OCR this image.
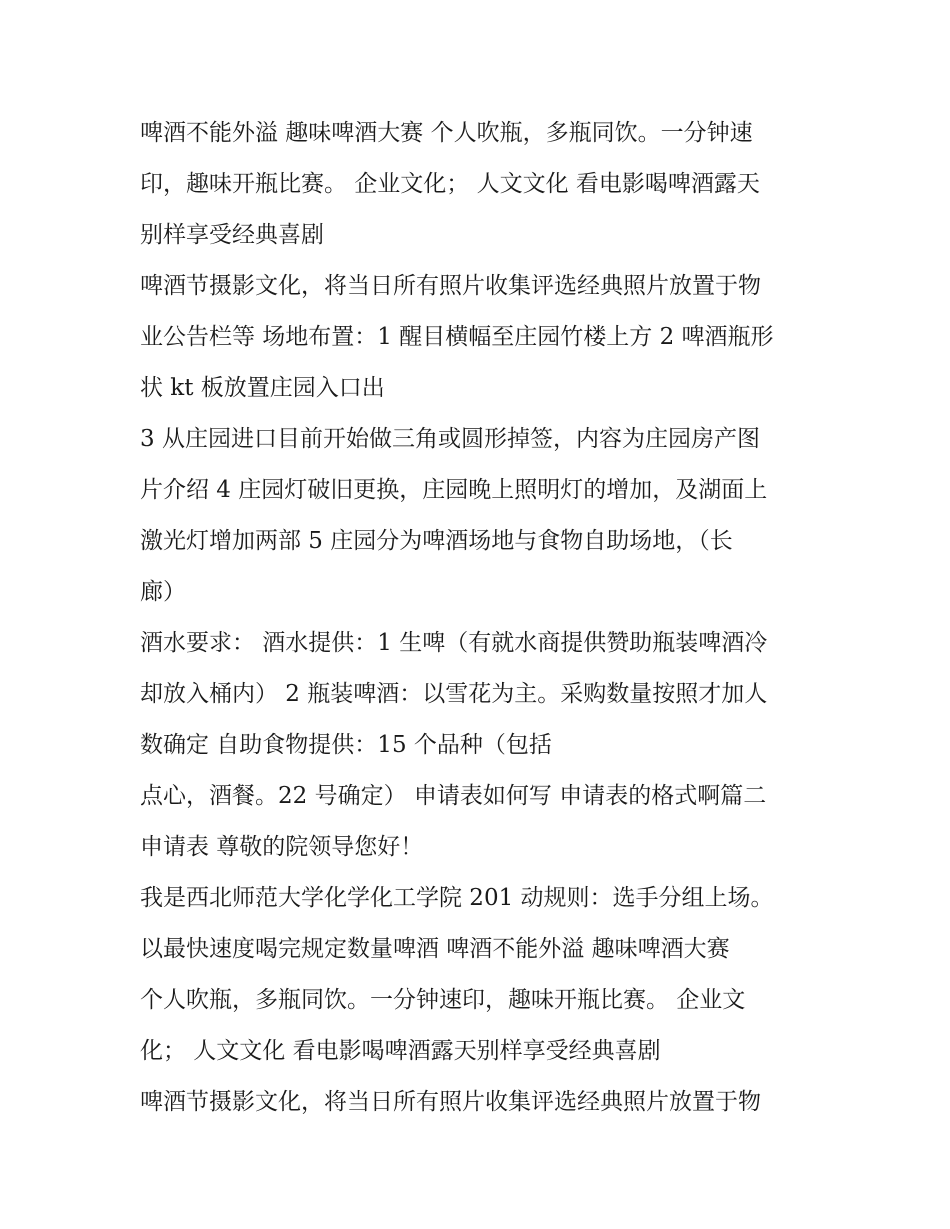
啤酒不能外溢 趣味啤酒大赛 个人吹瓶，多瓶同饮。一分钟速
印，趣味开瓶比赛。 企业文化； 人文文化 看电影喝啤酒露天
别样享受经典喜剧
啤酒节摄影文化，将当日所有照片收集评选经典照片放置于物
业公告栏等 场地布置：1 醒目横幅至庄园竹楼上方 2 啤酒瓶形
状 kt 板放置庄园入口出
3 从庄园进口目前开始做三角或圆形掉签，内容为庄园房产图
片介绍 4 庄园灯破旧更换，庄园晚上照明灯的增加，及湖面上
激光灯增加两部 5 庄园分为啤酒场地与食物自助场地，（长
廊）
酒水要求： 酒水提供：1 生啤（有就水商提供赞助瓶装啤酒冷
却放入桶内） 2 瓶装啤酒：以雪花为主。采购数量按照才加人
数确定 自助食物提供：15 个品种（包括
点心，酒餐。22 号确定） 申请表如何写 申请表的格式啊篇二
申请表 尊敬的院领导您好！
我是西北师范大学化学化工学院 201 动规则：选手分组上场。
以最快速度喝完规定数量啤酒 啤酒不能外溢 趣味啤酒大赛
个人吹瓶，多瓶同饮。一分钟速印，趣味开瓶比赛。 企业文
化； 人文文化 看电影喝啤酒露天别样享受经典喜剧
啤酒节摄影文化，将当日所有照片收集评选经典照片放置于物
